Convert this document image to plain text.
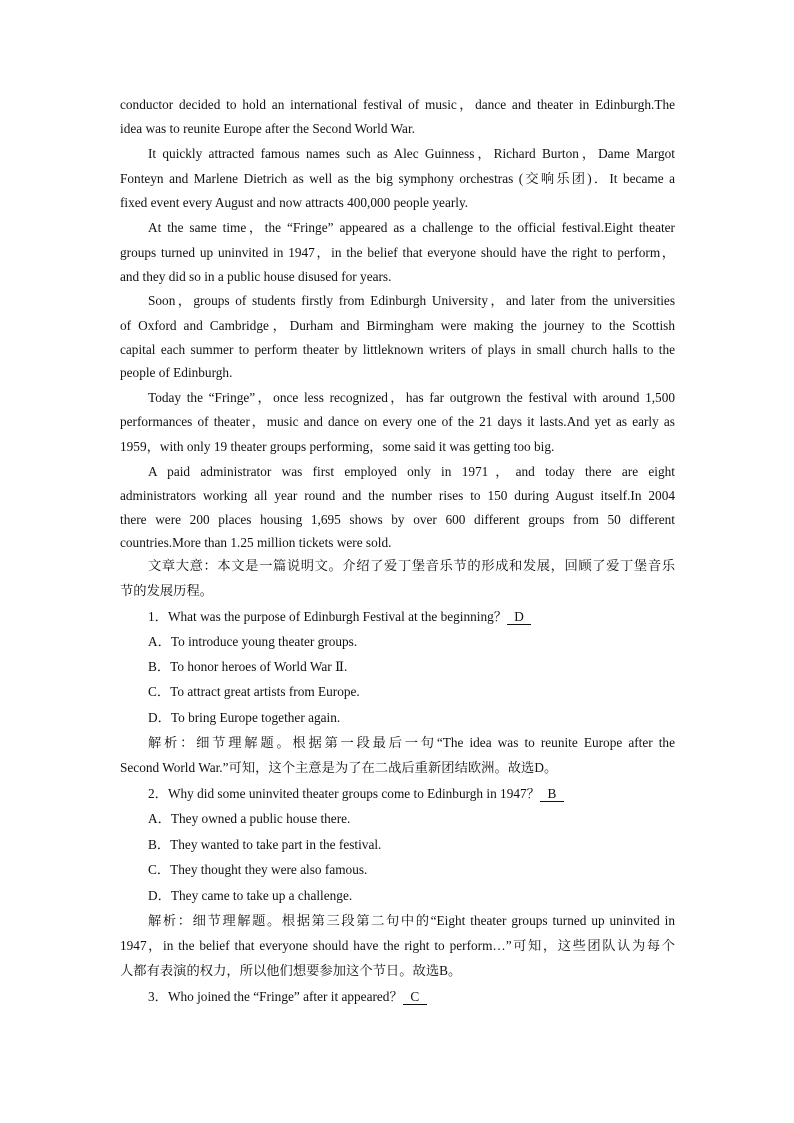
conductor decided to hold an international festival of music，dance and theater in Edinburgh.The
idea was to reunite Europe after the Second World War.
It quickly attracted famous names such as Alec Guinness，Richard Burton，Dame Margot
Fonteyn and Marlene Dietrich as well as the big symphony orchestras (交响乐团)．It became a
fixed event every August and now attracts 400,000 people yearly.
At the same time，the “Fringe” appeared as a challenge to the official festival.Eight theater
groups turned up uninvited in 1947，in the belief that everyone should have the right to perform，
and they did so in a public house disused for years.
Soon，groups of students firstly from Edinburgh University，and later from the universities
of Oxford and Cambridge，Durham and Birmingham were making the journey to the Scottish
capital each summer to perform theater by littleknown writers of plays in small church halls to the
people of Edinburgh.
Today the “Fringe”，once less recognized，has far outgrown the festival with around 1,500
performances of theater，music and dance on every one of the 21 days it lasts.And yet as early as
1959，with only 19 theater groups performing，some said it was getting too big.
A paid administrator was first employed only in 1971，and today there are eight
administrators working all year round and the number rises to 150 during August itself.In 2004
there were 200 places housing 1,695 shows by over 600 different groups from 50 different
countries.More than 1.25 million tickets were sold.
文章大意：本文是一篇说明文。介绍了爱丁堡音乐节的形成和发展，回顾了爱丁堡音乐
节的发展历程。
1．What was the purpose of Edinburgh Festival at the beginning？ D
A．To introduce young theater groups.
B．To honor heroes of World War Ⅱ.
C．To attract great artists from Europe.
D．To bring Europe together again.
解析：细节理解题。根据第一段最后一句“The idea was to reunite Europe after the
Second World War.”可知，这个主意是为了在二战后重新团结欧洲。故选D。
2．Why did some uninvited theater groups come to Edinburgh in 1947？ B
A．They owned a public house there.
B．They wanted to take part in the festival.
C．They thought they were also famous.
D．They came to take up a challenge.
解析：细节理解题。根据第三段第二句中的“Eight theater groups turned up uninvited in
1947，in the belief that everyone should have the right to perform…”可知，这些团队认为每个
人都有表演的权力，所以他们想要参加这个节日。故选B。
3．Who joined the “Fringe” after it appeared？ C
